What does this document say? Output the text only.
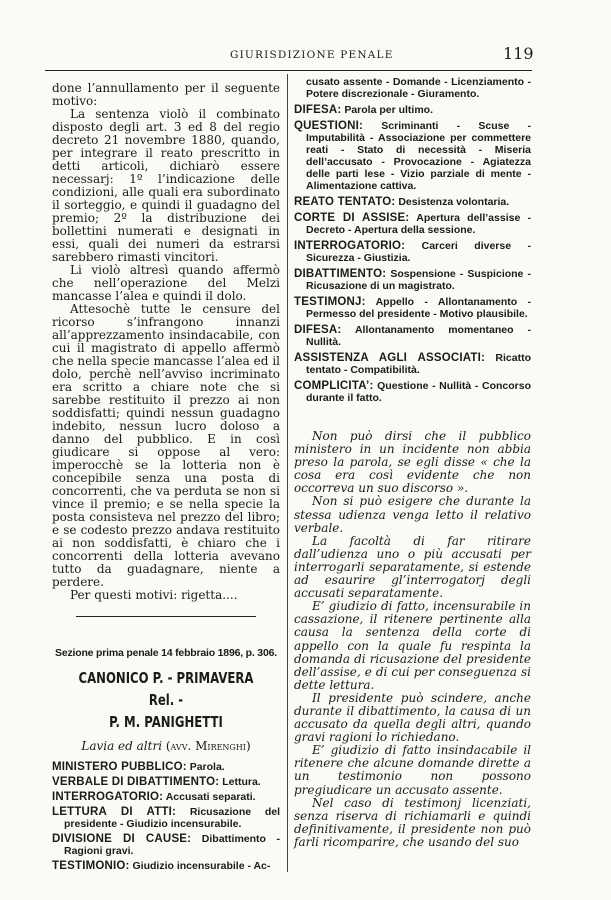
GIURISDIZIONE PENALE	119

done l’annullamento per il seguente motivo:

La sentenza violò il combinato disposto degli art. 3 ed 8 del regio decreto 21 novembre 1880, quando, per integrare il reato prescritto in detti articoli, dichiarò essere necessarj: 1º l’indicazione delle condizioni, alle quali era subordinato il sorteggio, e quindi il guadagno del premio; 2º la distribuzione dei bollettini numerati e designati in essi, quali dei numeri da estrarsi sarebbero rimasti vincitori.

Li violò altresì quando affermò che nell’operazione del Melzi mancasse l’alea e quindi il dolo.

Attesochè tutte le censure del ricorso s’infrangono innanzi all’apprezzamento insindacabile, con cui il magistrato di appello affermò che nella specie mancasse l’alea ed il dolo, perchè nell’avviso incriminato era scritto a chiare note che si sarebbe restituito il prezzo ai non soddisfatti; quindi nessun guadagno indebito, nessun lucro doloso a danno del pubblico. E in così giudicare si oppose al vero: imperocchè se la lotteria non è concepibile senza una posta di concorrenti, che va perduta se non si vince il premio; e se nella specie la posta consisteva nel prezzo del libro; e se codesto prezzo andava restituito ai non soddisfatti, è chiaro che i concorrenti della lotteria avevano tutto da guadagnare, niente a perdere.

Per questi motivi: rigetta....

Sezione prima penale 14 febbraio 1896, p. 306.
CANONICO P. - PRIMAVERA Rel. -
P. M. PANIGHETTI
Lavia ed altri (avv. Mirenghi)

MINISTERO PUBBLICO: Parola.

VERBALE DI DIBATTIMENTO: Lettura.

INTERROGATORIO: Accusati separati.

LETTURA DI ATTI: Ricusazione del presidente - Giudizio incensurabile.

DIVISIONE DI CAUSE: Dibattimento - Ragioni gravi.

TESTIMONIO: Giudizio incensurabile - Ac-

cusato assente - Domande - Licenziamento - Potere discrezionale - Giuramento.

DIFESA: Parola per ultimo.

QUESTIONI: Scriminanti - Scuse - Imputabilità - Associazione per commettere reati - Stato di necessità - Miseria dell’accusato - Provocazione - Agiatezza delle parti lese - Vizio parziale di mente - Alimentazione cattiva.

REATO TENTATO: Desistenza volontaria.

CORTE DI ASSISE: Apertura dell’assise - Decreto - Apertura della sessione.

INTERROGATORIO: Carceri diverse - Sicurezza - Giustizia.

DIBATTIMENTO: Sospensione - Suspicione - Ricusazione di un magistrato.

TESTIMONJ: Appello - Allontanamento - Permesso del presidente - Motivo plausibile.

DIFESA: Allontanamento momentaneo - Nullità.

ASSISTENZA AGLI ASSOCIATI: Ricatto tentato - Compatibilità.

COMPLICITA’: Questione - Nullità - Concorso durante il fatto.

Non può dirsi che il pubblico ministero in un incidente non abbia preso la parola, se egli disse « che la cosa era così evidente che non occorreva un suo discorso ».

Non si può esigere che durante la stessa udienza venga letto il relativo verbale.

La facoltà di far ritirare dall’udienza uno o più accusati per interrogarli separatamente, si estende ad esaurire gl’interrogatorj degli accusati separatamente.

E’ giudizio di fatto, incensurabile in cassazione, il ritenere pertinente alla causa la sentenza della corte di appello con la quale fu respinta la domanda di ricusazione del presidente dell’assise, e di cui per conseguenza si dette lettura.

Il presidente può scindere, anche durante il dibattimento, la causa di un accusato da quella degli altri, quando gravi ragioni lo richiedano.

E’ giudizio di fatto insindacabile il ritenere che alcune domande dirette a un testimonio non possono pregiudicare un accusato assente.

Nel caso di testimonj licenziati, senza riserva di richiamarli e quindi definitivamente, il presidente non può farli ricomparire, che usando del suo
